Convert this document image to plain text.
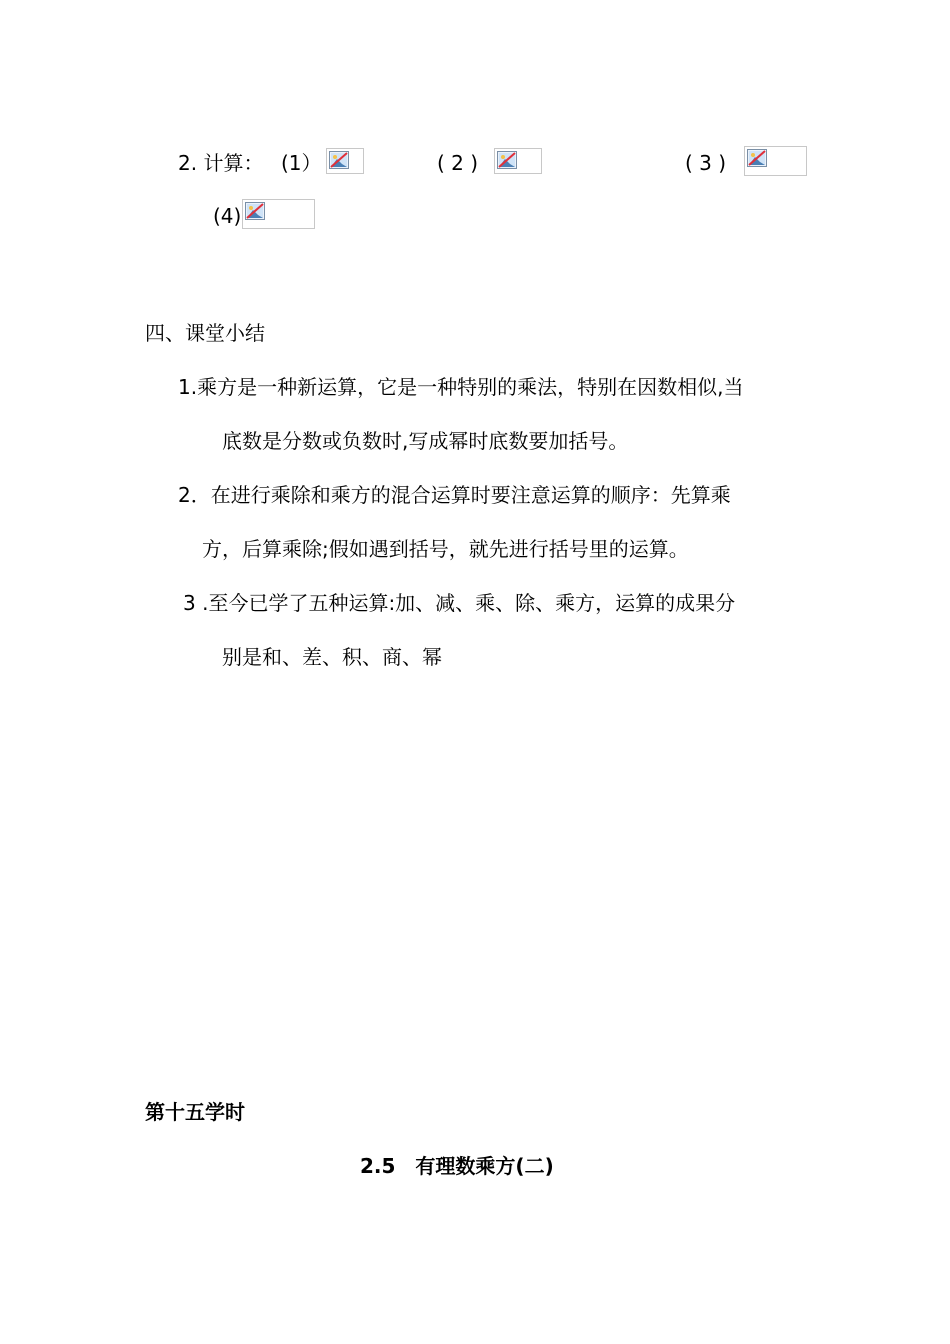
2. 计算： (1）	( 2 )	( 3 )
(4)
四、课堂小结
1.乘方是一种新运算，它是一种特别的乘法，特别在因数相似,当
底数是分数或负数时,写成幂时底数要加括号。
2．在进行乘除和乘方的混合运算时要注意运算的顺序：先算乘
方，后算乘除;假如遇到括号，就先进行括号里的运算。
3 .至今已学了五种运算:加、减、乘、除、乘方，运算的成果分
别是和、差、积、商、幂
第十五学时
2.5　有理数乘方(二)
